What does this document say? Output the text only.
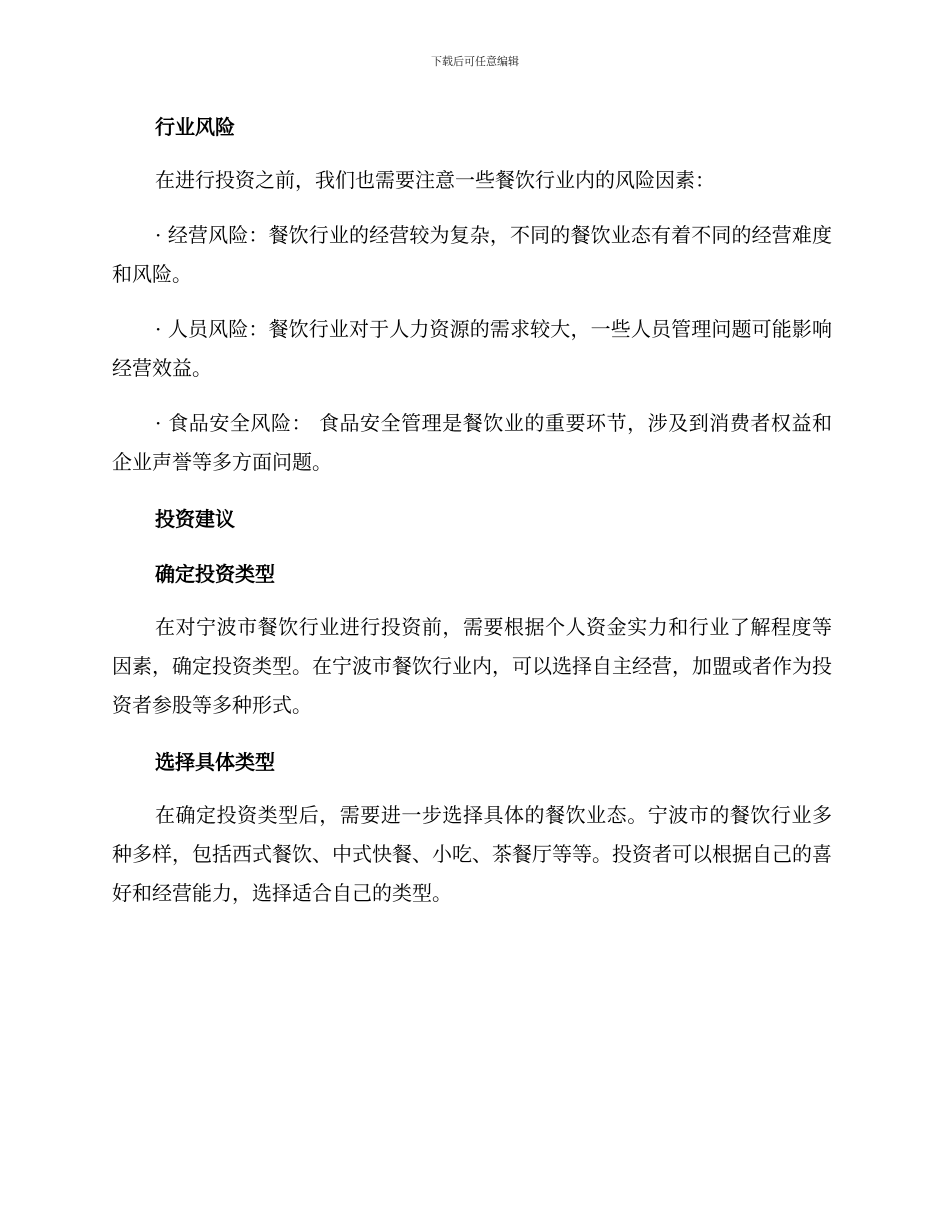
下载后可任意编辑
行业风险

在进行投资之前，我们也需要注意一些餐饮行业内的风险因素：

· 经营风险：餐饮行业的经营较为复杂，不同的餐饮业态有着不同的经营难度和风险。

· 人员风险：餐饮行业对于人力资源的需求较大，一些人员管理问题可能影响经营效益。

· 食品安全风险： 食品安全管理是餐饮业的重要环节，涉及到消费者权益和企业声誉等多方面问题。

投资建议
确定投资类型

在对宁波市餐饮行业进行投资前，需要根据个人资金实力和行业了解程度等因素，确定投资类型。在宁波市餐饮行业内，可以选择自主经营，加盟或者作为投资者参股等多种形式。

选择具体类型

在确定投资类型后，需要进一步选择具体的餐饮业态。宁波市的餐饮行业多种多样，包括西式餐饮、中式快餐、小吃、茶餐厅等等。投资者可以根据自己的喜好和经营能力，选择适合自己的类型。
